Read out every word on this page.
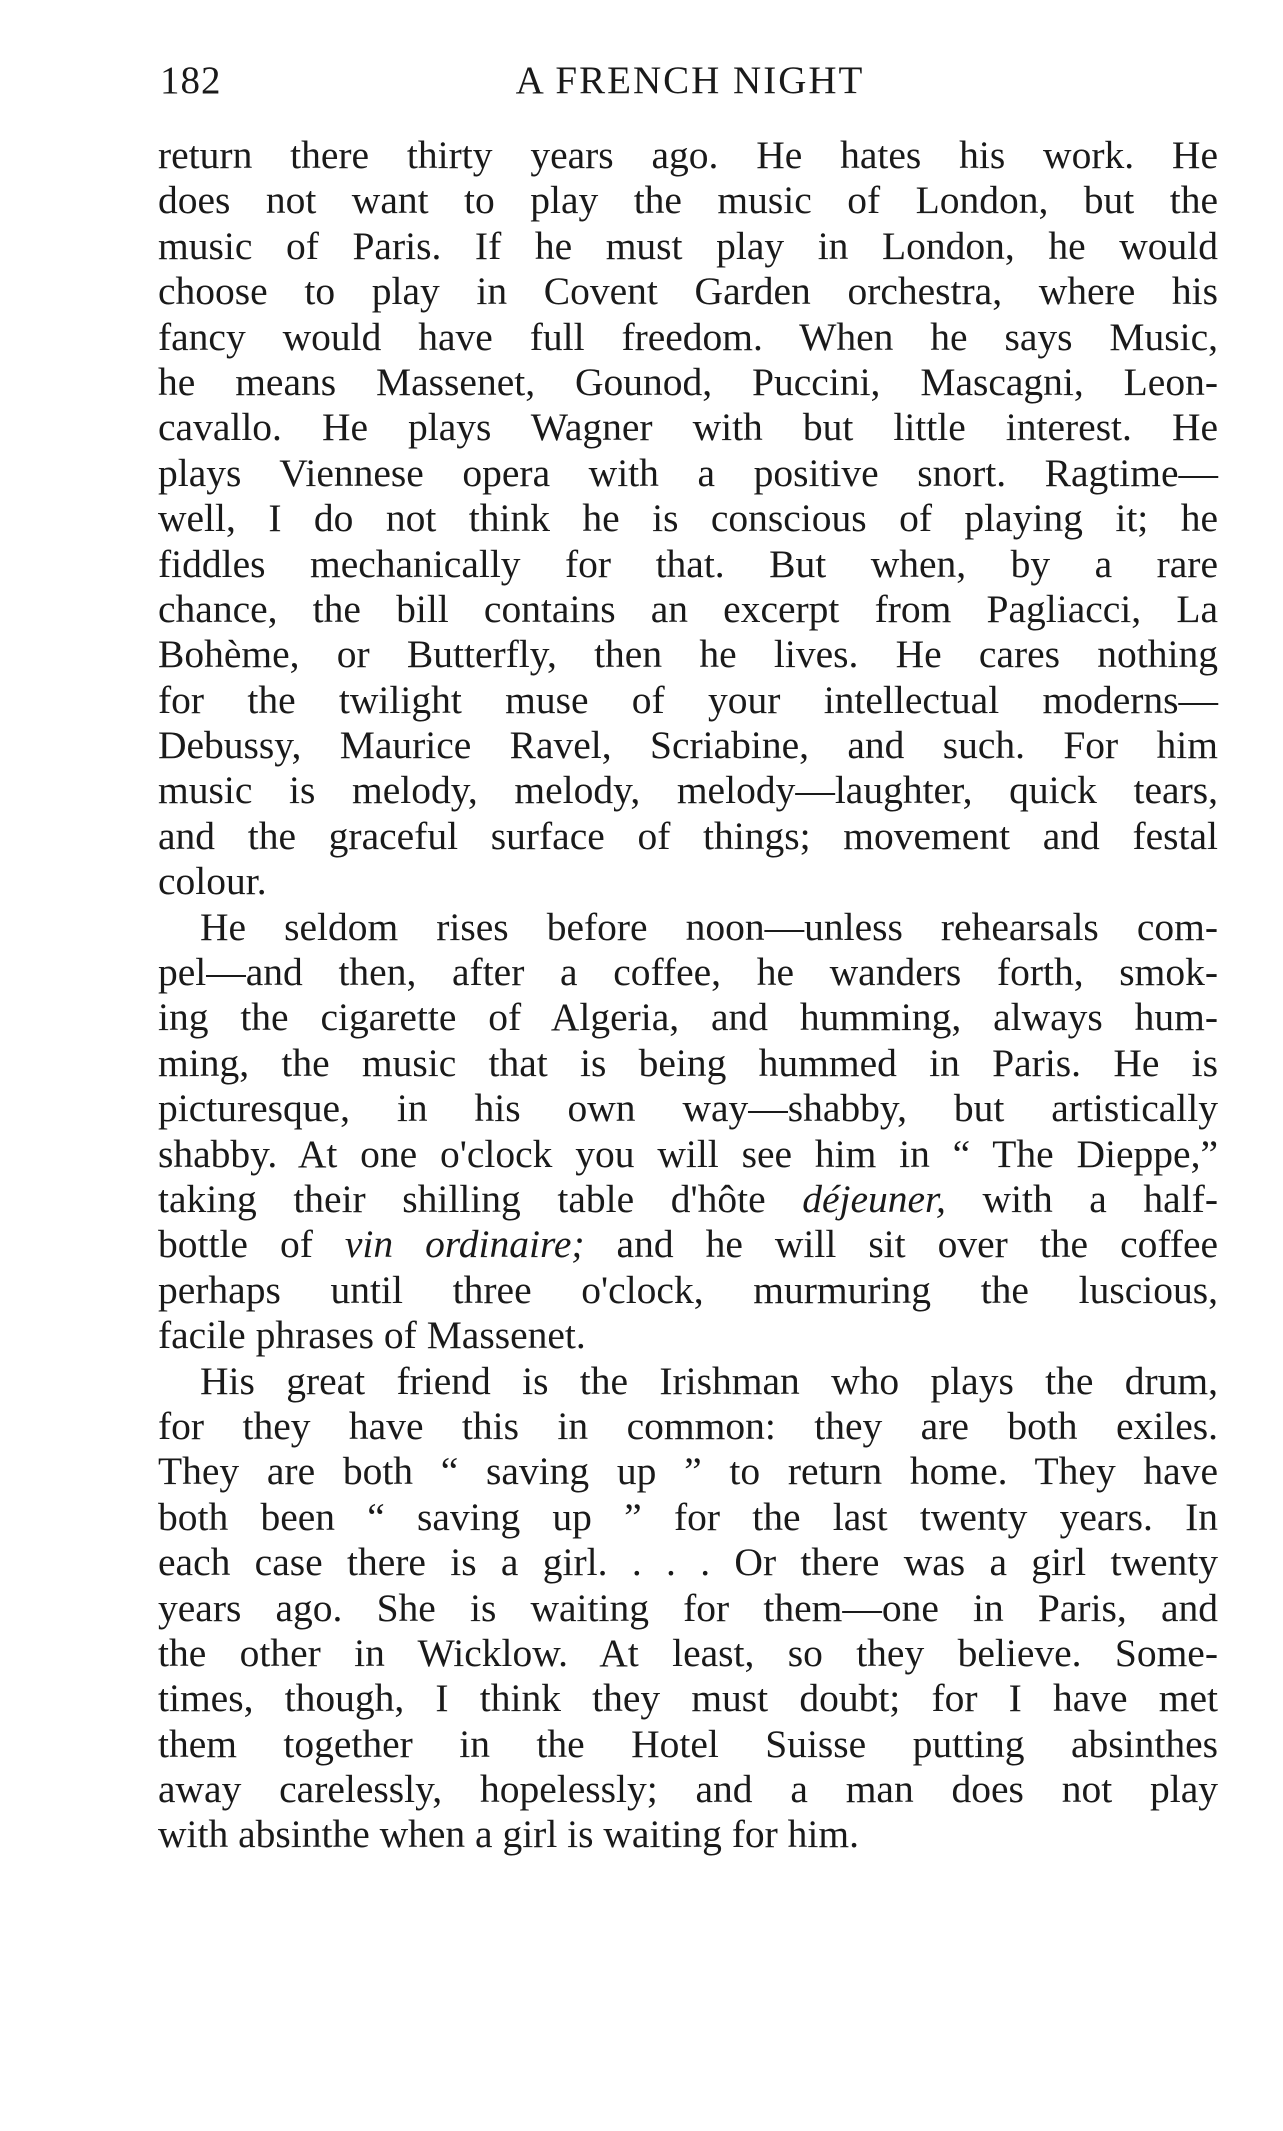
182	A FRENCH NIGHT
return there thirty years ago. He hates his work. He
does not want to play the music of London, but the
music of Paris. If he must play in London, he would
choose to play in Covent Garden orchestra, where his
fancy would have full freedom. When he says Music,
he means Massenet, Gounod, Puccini, Mascagni, Leon-
cavallo. He plays Wagner with but little interest. He
plays Viennese opera with a positive snort. Ragtime—
well, I do not think he is conscious of playing it; he
fiddles mechanically for that. But when, by a rare
chance, the bill contains an excerpt from Pagliacci, La
Bohème, or Butterfly, then he lives. He cares nothing
for the twilight muse of your intellectual moderns—
Debussy, Maurice Ravel, Scriabine, and such. For him
music is melody, melody, melody—laughter, quick tears,
and the graceful surface of things; movement and festal
colour.
He seldom rises before noon—unless rehearsals com-
pel—and then, after a coffee, he wanders forth, smok-
ing the cigarette of Algeria, and humming, always hum-
ming, the music that is being hummed in Paris. He is
picturesque, in his own way—shabby, but artistically
shabby. At one o'clock you will see him in “ The Dieppe,”
taking their shilling table d'hôte déjeuner, with a half-
bottle of vin ordinaire; and he will sit over the coffee
perhaps until three o'clock, murmuring the luscious,
facile phrases of Massenet.
His great friend is the Irishman who plays the drum,
for they have this in common: they are both exiles.
They are both “ saving up ” to return home. They have
both been “ saving up ” for the last twenty years. In
each case there is a girl. . . . Or there was a girl twenty
years ago. She is waiting for them—one in Paris, and
the other in Wicklow. At least, so they believe. Some-
times, though, I think they must doubt; for I have met
them together in the Hotel Suisse putting absinthes
away carelessly, hopelessly; and a man does not play
with absinthe when a girl is waiting for him.
